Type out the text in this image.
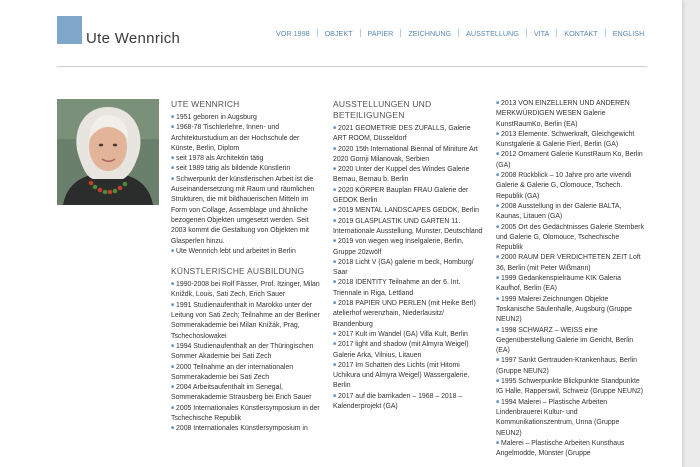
Ute Wennrich	VOR 1998 OBJEKT PAPIER ZEICHNUNG AUSSTELLUNG VITA KONTAKT ENGLISH
UTE WENNRICH
■ 1951 geboren in Augsburg
■ 1968-78 Tischlerlehre, Innen- und Architekturstudium an der Hochschule der Künste, Berlin, Diplom
■ seit 1978 als Architektin tätig
■ seit 1989 tätig als bildende Künstlerin
■ Schwerpunkt der künstlerischen Arbeit ist die Auseinandersetzung mit Raum und räumlichen Strukturen, die mit bildhauerischen Mitteln im Form von Collage, Assemblage und ähnliche bezogenen Objekten umgesetzt werden. Seit 2003 kommt die Gestaltung von Objekten mit Glasperlen hinzu.
■ Ute Wennrich lebt und arbeitet in Berlin
KÜNSTLERISCHE AUSBILDUNG
■ 1990-2008 bei Rolf Fässer, Prof. Itzinger, Milan Kníždk, Louis, Sati Zech, Erich Sauer
■ 1991 Studienaufenthalt in Marokko unter der Leitung von Sati Zech; Teilnahme an der Berliner Sommerakademie bei Milan Knížák, Prag, Tschechoslowakei
■ 1994 Studienaufenthalt an der Thüringischen Sommer Akademie bei Sati Zech
■ 2000 Teilnahme an der internationalen Sommerakademie bei Sati Zech
■ 2004 Arbeitsaufenthalt im Senegal, Sommerakademie Strausberg bei Erich Sauer
■ 2005 Internationales Künstlersymposium in der Tschechische Republik
■ 2008 Internationales Künstlersymposium in
AUSSTELLUNGEN UND BETEILIGUNGEN
■ 2021 GEOMETRIE DES ZUFALLS, Galerie ART ROOM, Düsseldorf
■ 2020 15th International Biennal of Miniture Art 2020 Gornji Milanovak, Serbien
■ 2020 Unter der Kuppel des Windes Galerie Bernau, Bernau b. Berlin
■ 2020 KÖRPER Bauplan FRAU Galerie der GEDOK Berlin
■ 2019 MENTAL LANDSCAPES GEDOK, Berlin
■ 2019 GLASPLASTIK UND GARTEN 11. Internationale Ausstellung, Munster, Deutschland
■ 2019 von wegen weg Inselgalerie, Berlin, Gruppe 20zwölf
■ 2018 Licht V (GA) galerie m beck, Homburg/ Saar
■ 2018 IDENTITY Teilnahme an der 6. Int. Triennale in Riga, Lettland
■ 2018 PAPIER UND PERLEN (mit Heike Berl) atelierhof werenzhain, Niederlausitz/ Brandenburg
■ 2017 Kult im Wandel (GA) Villa Kult, Berlin
■ 2017 light and shadow (mit Almyra Weigel) Galerie Arka, Vilnius, Litauen
■ 2017 Im Schatten des Lichts (mit Hitomi Uchikura und Almyra Weigel) Wassergalerie, Berlin
■ 2017 auf die barrikaden – 1968 – 2018 – Kalenderprojekt (GA)
■ 2013 VON EINZELLERN UND ANDEREN MERKWÜRDIGEN WESEN Galerie KunstRaumKo, Berlin (EA)
■ 2013 Elemente. Schwerkraft, Gleichgewicht Kunstgalerie & Galerie Fierl, Berlin (GA)
■ 2012 Ornament Galerie KunstRaum Ko, Berlin (GA)
■ 2008 Rückblick – 10 Jahre pro arte vivendi Galerie & Galerie G, Olomouce, Tschech. Republik (GA)
■ 2008 Ausstellung in der Galerie BALTA, Kaunas, Litauen (GA)
■ 2005 Ort des Gedächtnisses Galerie Stemberk und Galerie G, Olomouce, Tschechische Republik
■ 2000 RAUM DER VERDICHTETEN ZEIT Loft 36, Berlin (mit Peter Wißmann)
■ 1999 Gedankenspielräume KIK Galeria Kaufhof, Berlin (EA)
■ 1999 Malerei Zeichnungen Objekte Toskanische Säulenhalle, Augsburg (Gruppe NEUN2)
■ 1998 SCHWARZ – WEISS eine Gegenüberstellung Galerie im Gericht, Berlin (EA)
■ 1997 Sankt Gertrauden-Krankenhaus, Berlin (Gruppe NEUN2)
■ 1995 Schwerpunkte Blickpunkte Standpunkte IG Halle, Rapperswil, Schweiz (Gruppe NEUN2)
■ 1994 Malerei – Plastische Arbeiten Lindenbrauerei Kultur- und Kommunikationszentrum, Unna (Gruppe NEUN2)
■ Malerei – Plastische Arbeiten Kunsthaus Angelmodde, Münster (Gruppe
